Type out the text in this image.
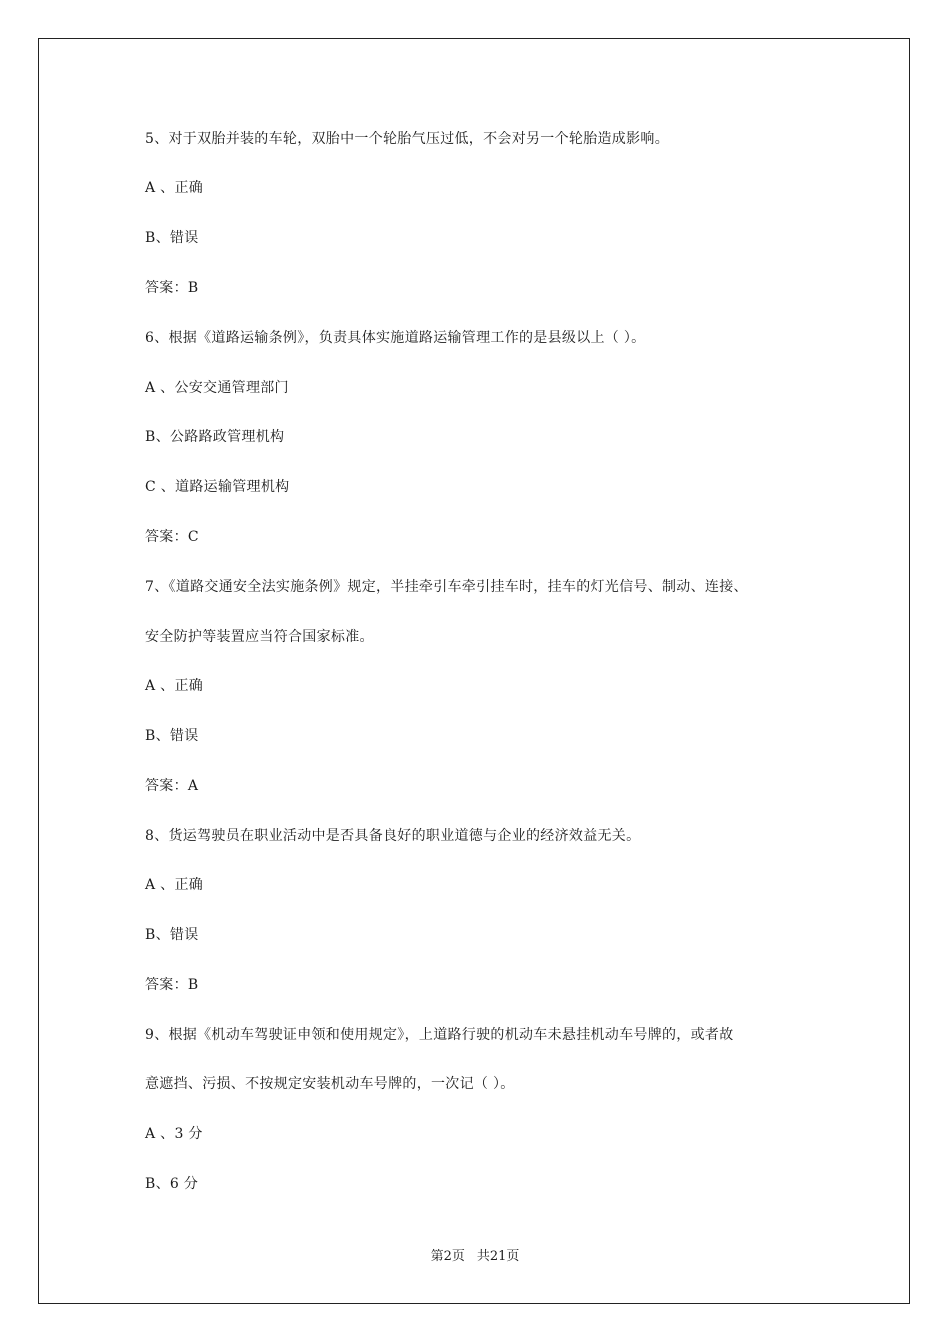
5、对于双胎并装的车轮，双胎中一个轮胎气压过低，不会对另一个轮胎造成影响。
A 、正确
B、错误
答案：B
6、根据《道路运输条例》，负责具体实施道路运输管理工作的是县级以上（ ）。
A 、公安交通管理部门
B、公路路政管理机构
C 、道路运输管理机构
答案：C
7、《道路交通安全法实施条例》规定，半挂牵引车牵引挂车时，挂车的灯光信号、制动、连接、
安全防护等装置应当符合国家标准。
A 、正确
B、错误
答案：A
8、货运驾驶员在职业活动中是否具备良好的职业道德与企业的经济效益无关。
A 、正确
B、错误
答案：B
9、根据《机动车驾驶证申领和使用规定》，上道路行驶的机动车未悬挂机动车号牌的，或者故
意遮挡、污损、不按规定安装机动车号牌的，一次记（ ）。
A 、3 分
B、6 分
第2页 共21页
